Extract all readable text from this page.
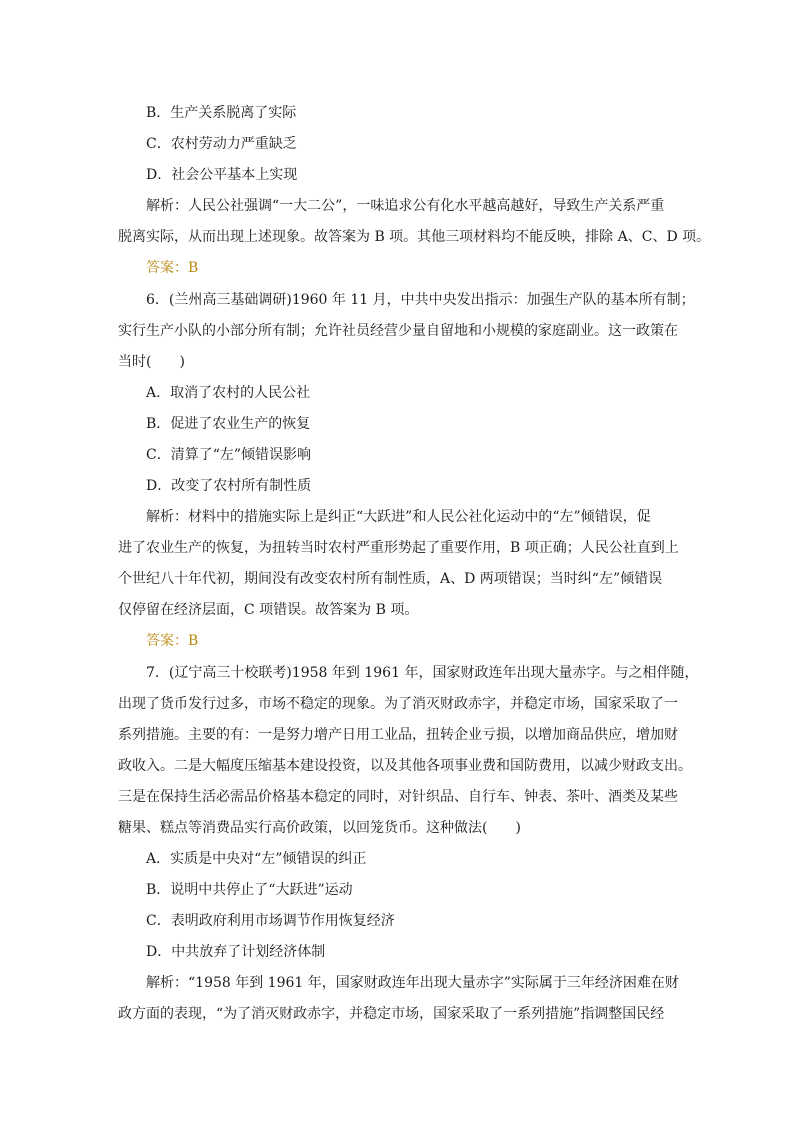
B．生产关系脱离了实际
C．农村劳动力严重缺乏
D．社会公平基本上实现
解析：人民公社强调“一大二公”，一味追求公有化水平越高越好，导致生产关系严重
脱离实际，从而出现上述现象。故答案为 B 项。其他三项材料均不能反映，排除 A、C、D 项。
答案：B
6．(兰州高三基础调研)1960 年 11 月，中共中央发出指示：加强生产队的基本所有制；
实行生产小队的小部分所有制；允许社员经营少量自留地和小规模的家庭副业。这一政策在
当时(　　)
A．取消了农村的人民公社
B．促进了农业生产的恢复
C．清算了“左”倾错误影响
D．改变了农村所有制性质
解析：材料中的措施实际上是纠正“大跃进”和人民公社化运动中的“左”倾错误，促
进了农业生产的恢复，为扭转当时农村严重形势起了重要作用，B 项正确；人民公社直到上
个世纪八十年代初，期间没有改变农村所有制性质，A、D 两项错误；当时纠“左”倾错误
仅停留在经济层面，C 项错误。故答案为 B 项。
答案：B
7．(辽宁高三十校联考)1958 年到 1961 年，国家财政连年出现大量赤字。与之相伴随，
出现了货币发行过多，市场不稳定的现象。为了消灭财政赤字，并稳定市场，国家采取了一
系列措施。主要的有：一是努力增产日用工业品，扭转企业亏损，以增加商品供应，增加财
政收入。二是大幅度压缩基本建设投资，以及其他各项事业费和国防费用，以减少财政支出。
三是在保持生活必需品价格基本稳定的同时，对针织品、自行车、钟表、茶叶、酒类及某些
糖果、糕点等消费品实行高价政策，以回笼货币。这种做法(　　)
A．实质是中央对“左”倾错误的纠正
B．说明中共停止了“大跃进”运动
C．表明政府利用市场调节作用恢复经济
D．中共放弃了计划经济体制
解析：“1958 年到 1961 年，国家财政连年出现大量赤字”实际属于三年经济困难在财
政方面的表现，“为了消灭财政赤字，并稳定市场，国家采取了一系列措施”指调整国民经
